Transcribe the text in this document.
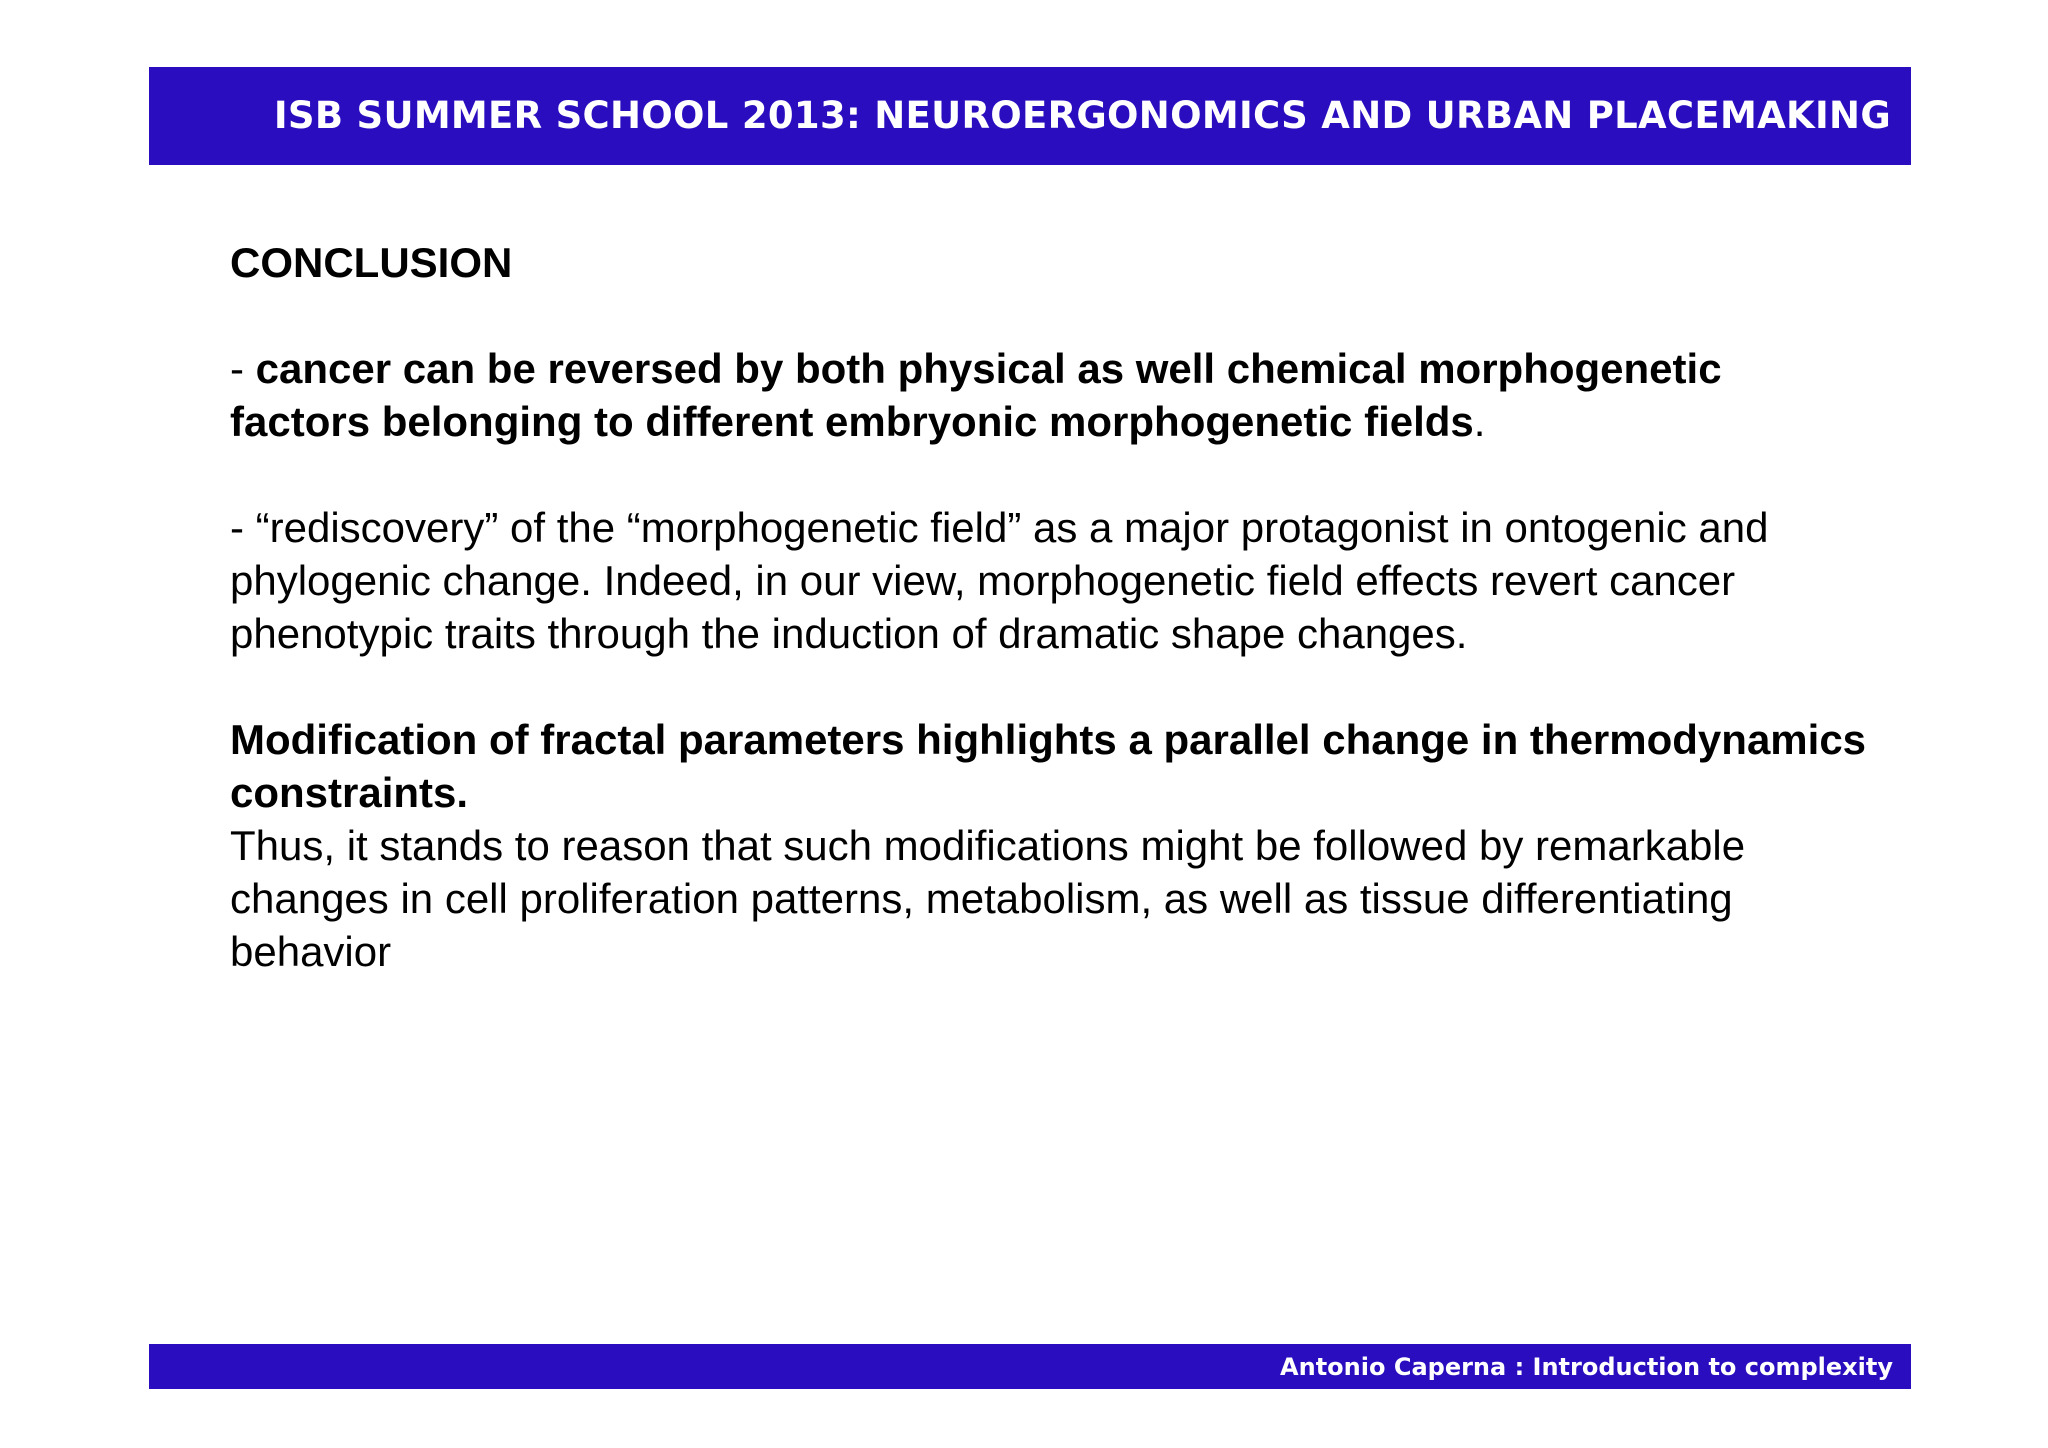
ISB SUMMER SCHOOL 2013: NEUROERGONOMICS AND URBAN PLACEMAKING

CONCLUSION

- cancer can be reversed by both physical as well chemical morphogenetic factors belonging to different embryonic morphogenetic fields.

- “rediscovery” of the “morphogenetic field” as a major protagonist in ontogenic and phylogenic change. Indeed, in our view, morphogenetic field effects revert cancer phenotypic traits through the induction of dramatic shape changes.

Modification of fractal parameters highlights a parallel change in thermodynamics constraints.

Thus, it stands to reason that such modifications might be followed by remarkable changes in cell proliferation patterns, metabolism, as well as tissue differentiating behavior

Antonio Caperna : Introduction to complexity
